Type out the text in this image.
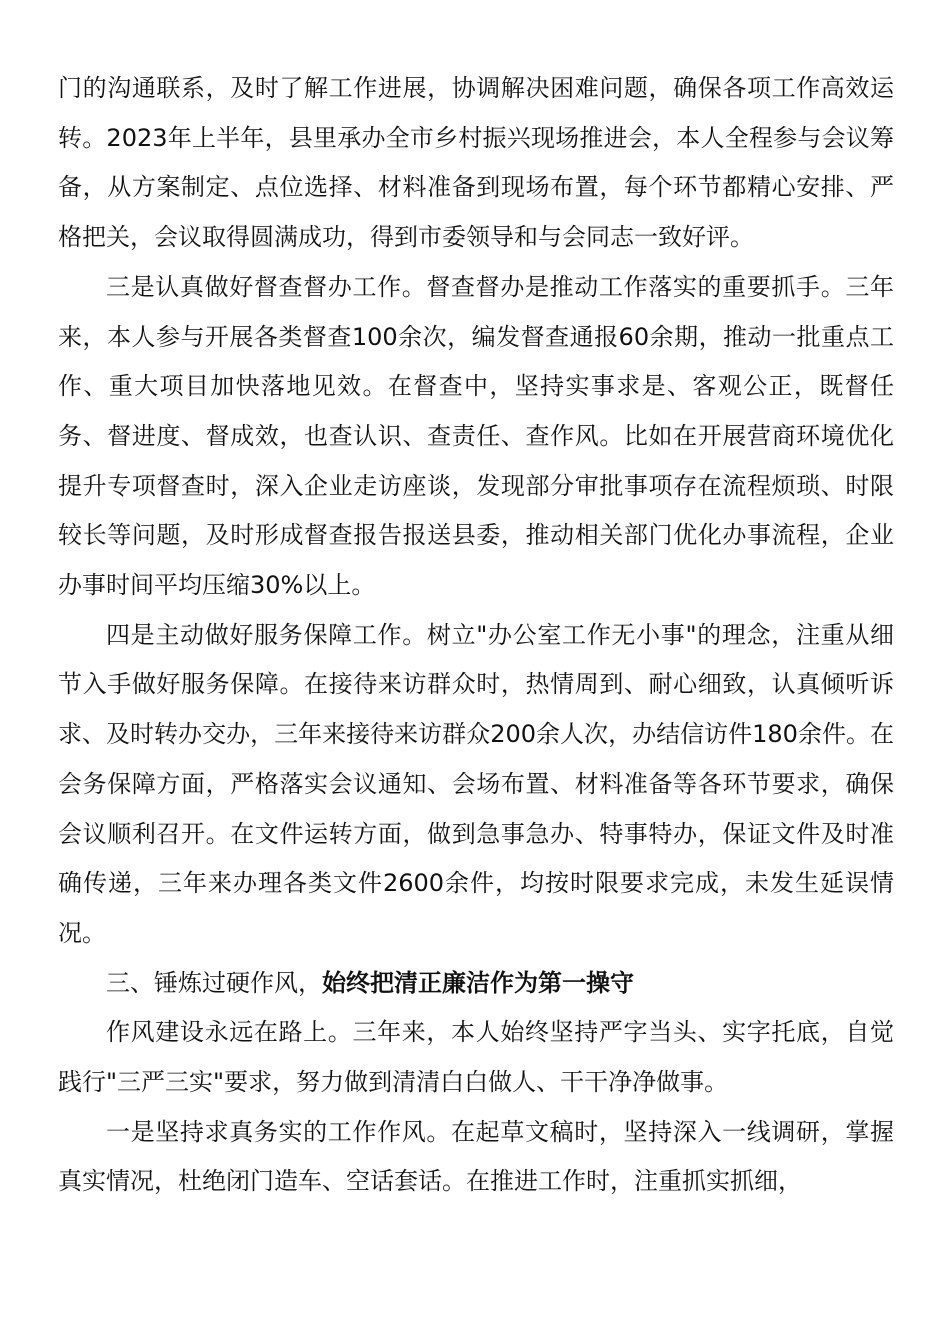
门的沟通联系，及时了解工作进展，协调解决困难问题，确保各项工作高效运转。2023年上半年，县里承办全市乡村振兴现场推进会，本人全程参与会议筹备，从方案制定、点位选择、材料准备到现场布置，每个环节都精心安排、严格把关，会议取得圆满成功，得到市委领导和与会同志一致好评。

三是认真做好督查督办工作。督查督办是推动工作落实的重要抓手。三年来，本人参与开展各类督查100余次，编发督查通报60余期，推动一批重点工作、重大项目加快落地见效。在督查中，坚持实事求是、客观公正，既督任务、督进度、督成效，也查认识、查责任、查作风。比如在开展营商环境优化提升专项督查时，深入企业走访座谈，发现部分审批事项存在流程烦琐、时限较长等问题，及时形成督查报告报送县委，推动相关部门优化办事流程，企业办事时间平均压缩30%以上。

四是主动做好服务保障工作。树立"办公室工作无小事"的理念，注重从细节入手做好服务保障。在接待来访群众时，热情周到、耐心细致，认真倾听诉求、及时转办交办，三年来接待来访群众200余人次，办结信访件180余件。在会务保障方面，严格落实会议通知、会场布置、材料准备等各环节要求，确保会议顺利召开。在文件运转方面，做到急事急办、特事特办，保证文件及时准确传递，三年来办理各类文件2600余件，均按时限要求完成，未发生延误情况。

三、锤炼过硬作风，始终把清正廉洁作为第一操守

作风建设永远在路上。三年来，本人始终坚持严字当头、实字托底，自觉践行"三严三实"要求，努力做到清清白白做人、干干净净做事。

一是坚持求真务实的工作作风。在起草文稿时，坚持深入一线调研，掌握真实情况，杜绝闭门造车、空话套话。在推进工作时，注重抓实抓细，
